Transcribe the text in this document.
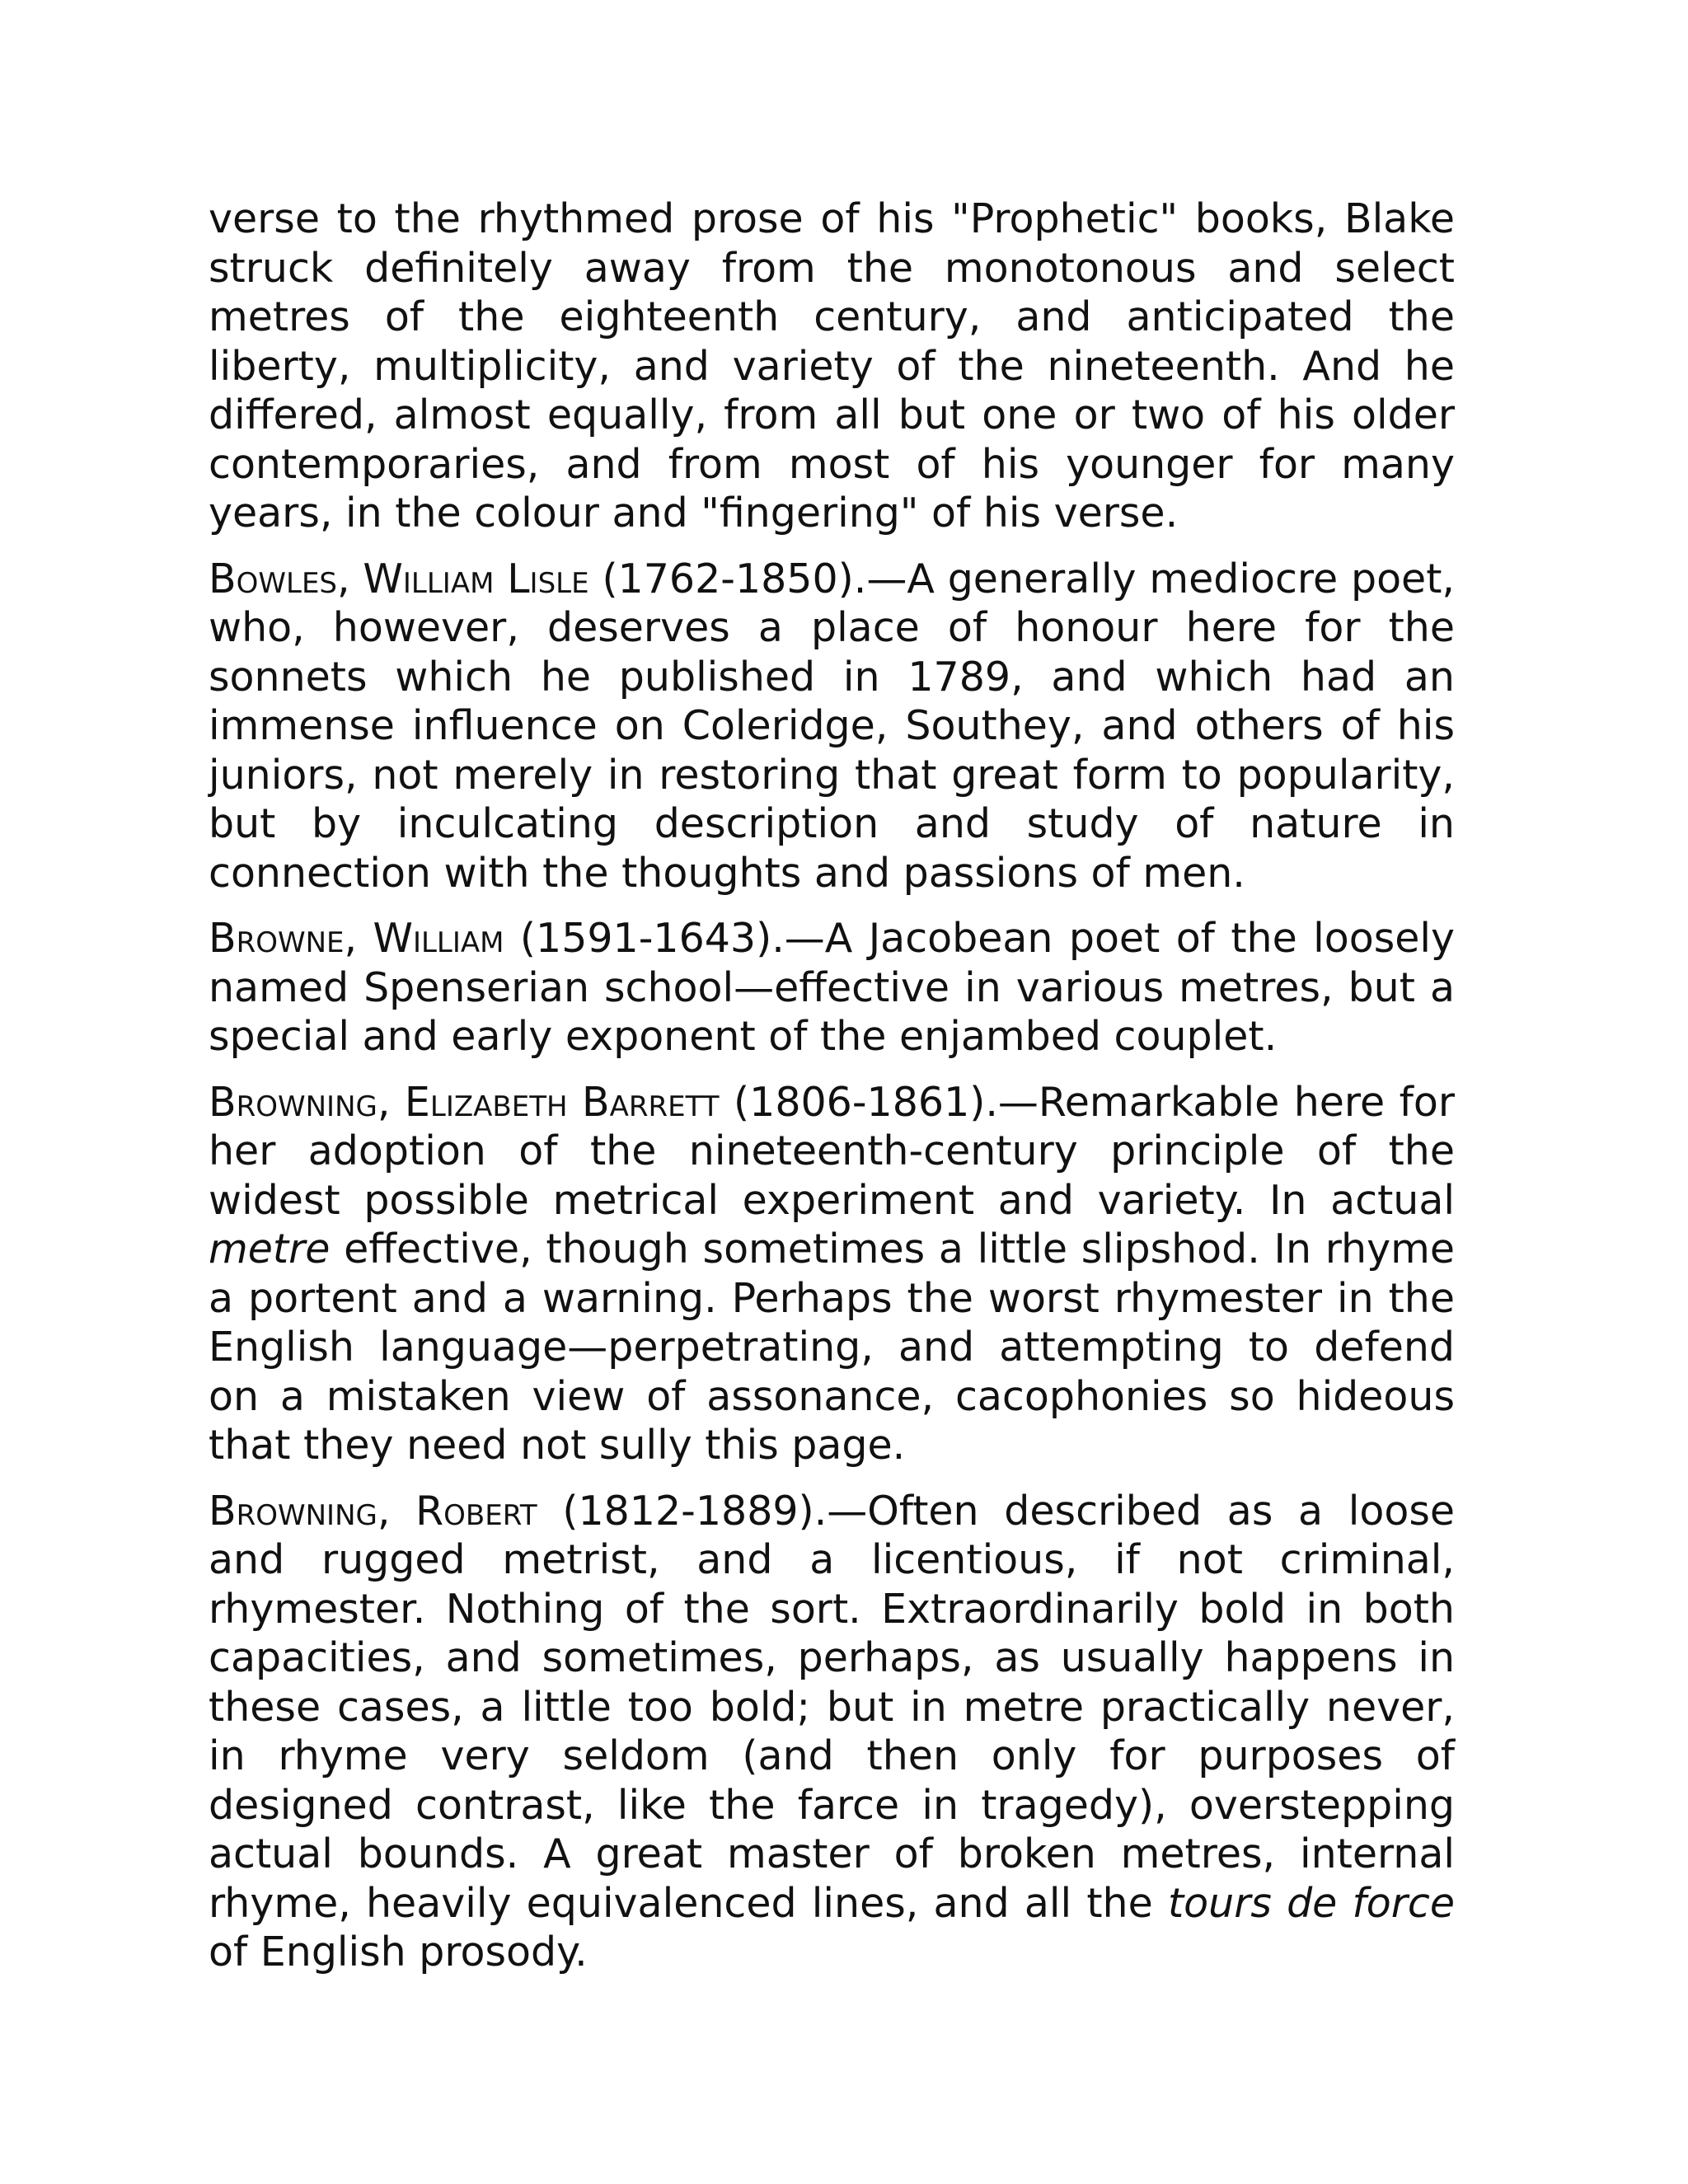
verse to the rhythmed prose of his "Prophetic" books, Blake struck definitely away from the monotonous and select metres of the eighteenth century, and anticipated the liberty, multiplicity, and variety of the nineteenth. And he differed, almost equally, from all but one or two of his older contemporaries, and from most of his younger for many years, in the colour and "fingering" of his verse.

Bowles, William Lisle (1762-1850).—A generally mediocre poet, who, however, deserves a place of honour here for the sonnets which he published in 1789, and which had an immense influence on Coleridge, Southey, and others of his juniors, not merely in restoring that great form to popularity, but by inculcating description and study of nature in connection with the thoughts and passions of men.

Browne, William (1591-1643).—A Jacobean poet of the loosely named Spenserian school—effective in various metres, but a special and early exponent of the enjambed couplet.

Browning, Elizabeth Barrett (1806-1861).—Remarkable here for her adoption of the nineteenth-century principle of the widest possible metrical experiment and variety. In actual metre effective, though sometimes a little slipshod. In rhyme a portent and a warning. Perhaps the worst rhymester in the English language—perpetrating, and attempting to defend on a mistaken view of assonance, cacophonies so hideous that they need not sully this page.

Browning, Robert (1812-1889).—Often described as a loose and rugged metrist, and a licentious, if not criminal, rhymester. Nothing of the sort. Extraordinarily bold in both capacities, and sometimes, perhaps, as usually happens in these cases, a little too bold; but in metre practically never, in rhyme very seldom (and then only for purposes of designed contrast, like the farce in tragedy), overstepping actual bounds. A great master of broken metres, internal rhyme, heavily equivalenced lines, and all the tours de force of English prosody.
